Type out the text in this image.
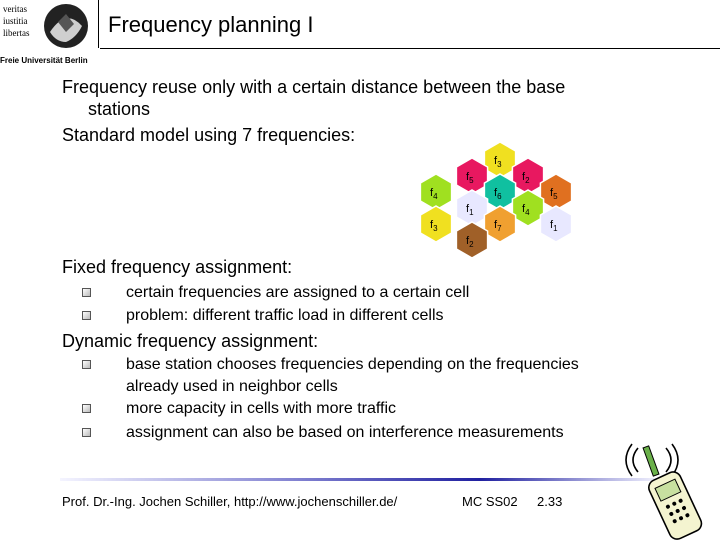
veritas
iustitia
libertas
Freie Universität Berlin
Frequency planning I
Frequency reuse only with a certain distance between the base
stations
Standard model using 7 frequencies:
$f_3$
$f_5$	$f_2$
$f_4$	$f_6$	$f_5$
$f_1$	$f_4$
$f_3$	$f_7$	$f_1$
$f_2$
Fixed frequency assignment:
certain frequencies are assigned to a certain cell
problem: different traffic load in different cells
Dynamic frequency assignment:
base station chooses frequencies depending on the frequencies
already used in neighbor cells
more capacity in cells with more traffic
assignment can also be based on interference measurements
Prof. Dr.-Ing. Jochen Schiller, http://www.jochenschiller.de/	MC SS02 2.33
